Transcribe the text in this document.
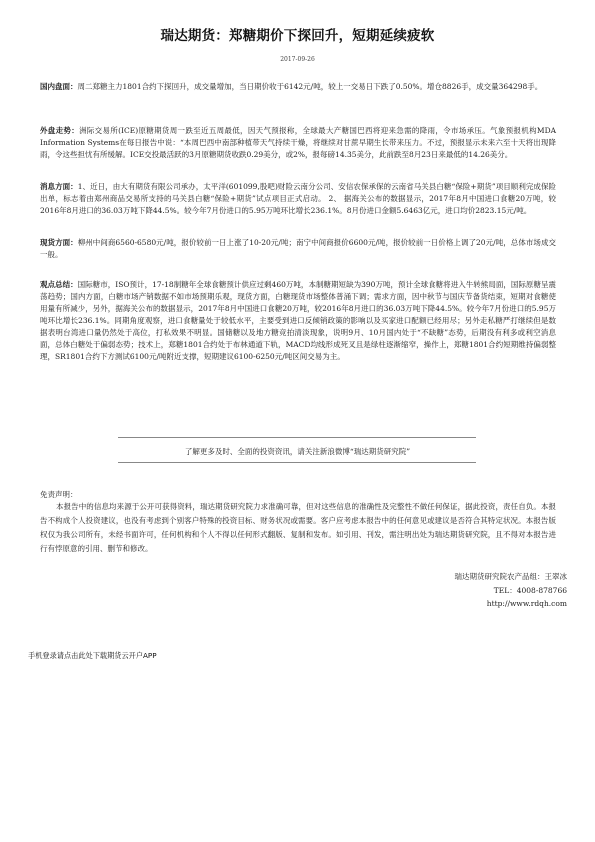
瑞达期货：郑糖期价下探回升，短期延续疲软
2017-09-26
国内盘面：周二郑糖主力1801合约下探回升，成交量增加，当日期价收于6142元/吨，较上一交易日下跌了0.50%。增仓8826手，成交量364298手。
外盘走势：洲际交易所(ICE)原糖期货周一跌至近五周最低，因天气预报称，全球最大产糖国巴西将迎来急需的降雨，令市场承压。气象预报机构MDA Information Systems在每日报告中说：“本周巴西中南部种植带天气持续干燥，将继续对甘蔗早期生长带来压力。不过，预报显示未来六至十天将出现降雨，令这些担忧有所缓解。ICE交投最活跃的3月原糖期货收跌0.29美分，或2%，报每磅14.35美分，此前跌至8月23日来最低的14.26美分。
消息方面：1、近日，由大有期货有限公司承办，太平洋(601099,股吧)财险云南分公司、安信农保承保的云南省马关县白糖“保险+期货”项目顺利完成保险出单，标志着由郑州商品交易所支持的马关县白糖“保险+期货”试点项目正式启动。 2、 据海关公布的数据显示，2017年8月中国进口食糖20万吨，较2016年8月进口的36.03万吨下降44.5%。较今年7月份进口的5.95万吨环比增长236.1%。8月份进口金额5.6463亿元，进口均价2823.15元/吨。
现货方面：柳州中间商6560-6580元/吨，报价较前一日上涨了10-20元/吨；南宁中间商报价6600元/吨，报价较前一日价格上调了20元/吨，总体市场成交一般。
观点总结：国际糖市，ISO预计，17-18制糖年全球食糖预计供应过剩460万吨，本制糖期短缺为390万吨，预计全球食糖将进入牛转熊局面，国际原糖呈震荡趋势；国内方面，白糖市场产销数据不如市场预期乐观，现货方面，白糖现货市场整体普涌下调；需求方面，因中秋节与国庆节备货结束，短期对食糖使用量有所减少，另外，据海关公布的数据显示，2017年8月中国进口食糖20万吨，较2016年8月进口的36.03万吨下降44.5%。较今年7月份进口的5.95万吨环比增长236.1%。同期角度观察，进口食糖量处于较低水平，主要受到进口反倾销政策的影响以及买家进口配额已经用尽；另外走私糖严打继续但是数据表明台湾进口量仍然处于高位，打私效果不明显。国储糖以及地方糖竞拍清淡现象，说明9月、10月国内处于“不缺糖”态势，后期没有利多或利空消息面，总体白糖处于偏弱态势；技术上，郑糖1801合约处于布林通道下轨，MACD均线形成死叉且是绿柱逐渐缩窄，操作上，郑糖1801合约短期维持偏弱整理，SR1801合约下方测试6100元/吨附近支撑，短期建议6100-6250元/吨区间交易为主。
了解更多及时、全面的投资资讯，请关注新浪微博“瑞达期货研究院”
免责声明：
本报告中的信息均来源于公开可获得资料，瑞达期货研究院力求准确可靠，但对这些信息的准确性及完整性不做任何保证，据此投资，责任自负。本报告不构成个人投资建议，也没有考虑到个别客户特殊的投资目标、财务状况或需要。客户应考虑本报告中的任何意见或建议是否符合其特定状况。本报告版权仅为我公司所有，未经书面许可，任何机构和个人不得以任何形式翻版、复制和发布。如引用、刊发，需注明出处为瑞达期货研究院，且不得对本报告进行有悖原意的引用、删节和修改。
瑞达期货研究院农产品组：王翠冰
TEL：4008-878766
http://www.rdqh.com
手机登录请点击此处下载期货云开户APP
